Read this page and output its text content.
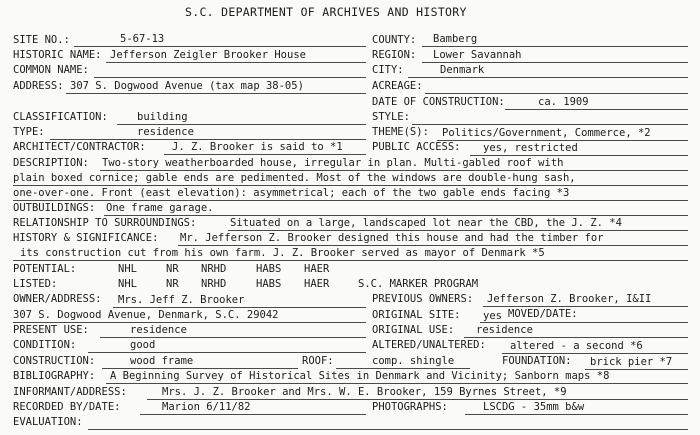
S.C. DEPARTMENT OF ARCHIVES AND HISTORY
SITE NO.:	5-67-13	COUNTY: Bamberg
HISTORIC NAME: Jefferson Zeigler Brooker House	REGION: Lower Savannah
COMMON NAME:	CITY:	Denmark
ADDRESS: 307 S. Dogwood Avenue (tax map 38-05)	ACREAGE:
DATE OF CONSTRUCTION:	ca. 1909
CLASSIFICATION:	building	STYLE:
TYPE:	residence	THEME(S): Politics/Government, Commerce, *2
ARCHITECT/CONTRACTOR: J. Z. Brooker is said to *1	PUBLIC ACCESS: yes, restricted
DESCRIPTION: Two-story weatherboarded house, irregular in plan. Multi-gabled roof with
plain boxed cornice; gable ends are pedimented. Most of the windows are double-hung sash,
one-over-one. Front (east elevation): asymmetrical; each of the two gable ends facing *3
OUTBUILDINGS: One frame garage.
RELATIONSHIP TO SURROUNDINGS:	Situated on a large, landscaped lot near the CBD, the J. Z. *4
HISTORY & SIGNIFICANCE: Mr. Jefferson Z. Brooker designed this house and had the timber for
its construction cut from his own farm. J. Z. Brooker served as mayor of Denmark *5
POTENTIAL:	NHL	NR NRHD	HABS HAER
LISTED:	NHL	NR NRHD	HABS HAER	S.C. MARKER PROGRAM
OWNER/ADDRESS: Mrs. Jeff Z. Brooker	PREVIOUS OWNERS: Jefferson Z. Brooker, I&II
307 S. Dogwood Avenue, Denmark, S.C. 29042	ORIGINAL SITE: yes MOVED/DATE:
PRESENT USE:	residence	ORIGINAL USE: residence
CONDITION:	good	ALTERED/UNALTERED: altered - a second *6
CONSTRUCTION:	wood frame	ROOF:	comp. shingle	FOUNDATION: brick pier *7
BIBLIOGRAPHY: A Beginning Survey of Historical Sites in Denmark and Vicinity; Sanborn maps *8
INFORMANT/ADDRESS:	Mrs. J. Z. Brooker and Mrs. W. E. Brooker, 159 Byrnes Street, *9
RECORDED BY/DATE:	Marion 6/11/82	PHOTOGRAPHS:	LSCDG - 35mm b&w
EVALUATION:
